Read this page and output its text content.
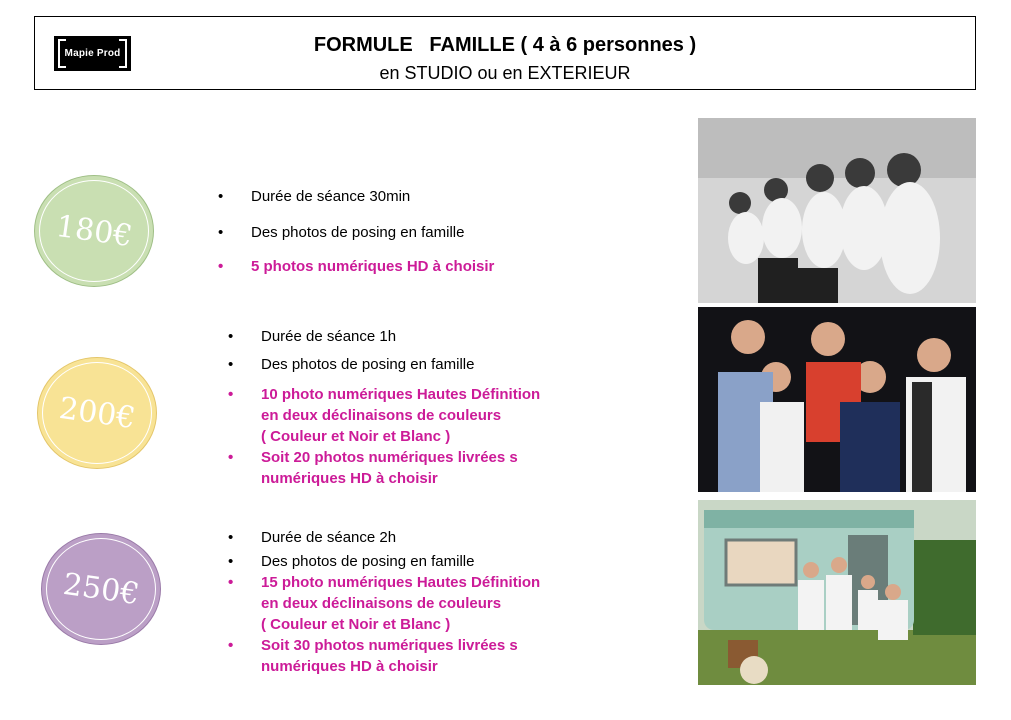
Mapie Prod	FORMULE   FAMILLE ( 4 à 6 personnes )
en STUDIO ou en EXTERIEUR
180€
• Durée de séance 30min
• Des photos de posing en famille
• 5 photos numériques HD à choisir
200€
• Durée de séance 1h
• Des photos de posing en famille
• 10 photo numériques Hautes Définition
en deux déclinaisons de couleurs
( Couleur et Noir et Blanc )
• Soit 20 photos numériques livrées s
numériques HD à choisir
250€
• Durée de séance 2h
• Des photos de posing en famille
• 15 photo numériques Hautes Définition
en deux déclinaisons de couleurs
( Couleur et Noir et Blanc )
• Soit 30 photos numériques livrées s
numériques HD à choisir
